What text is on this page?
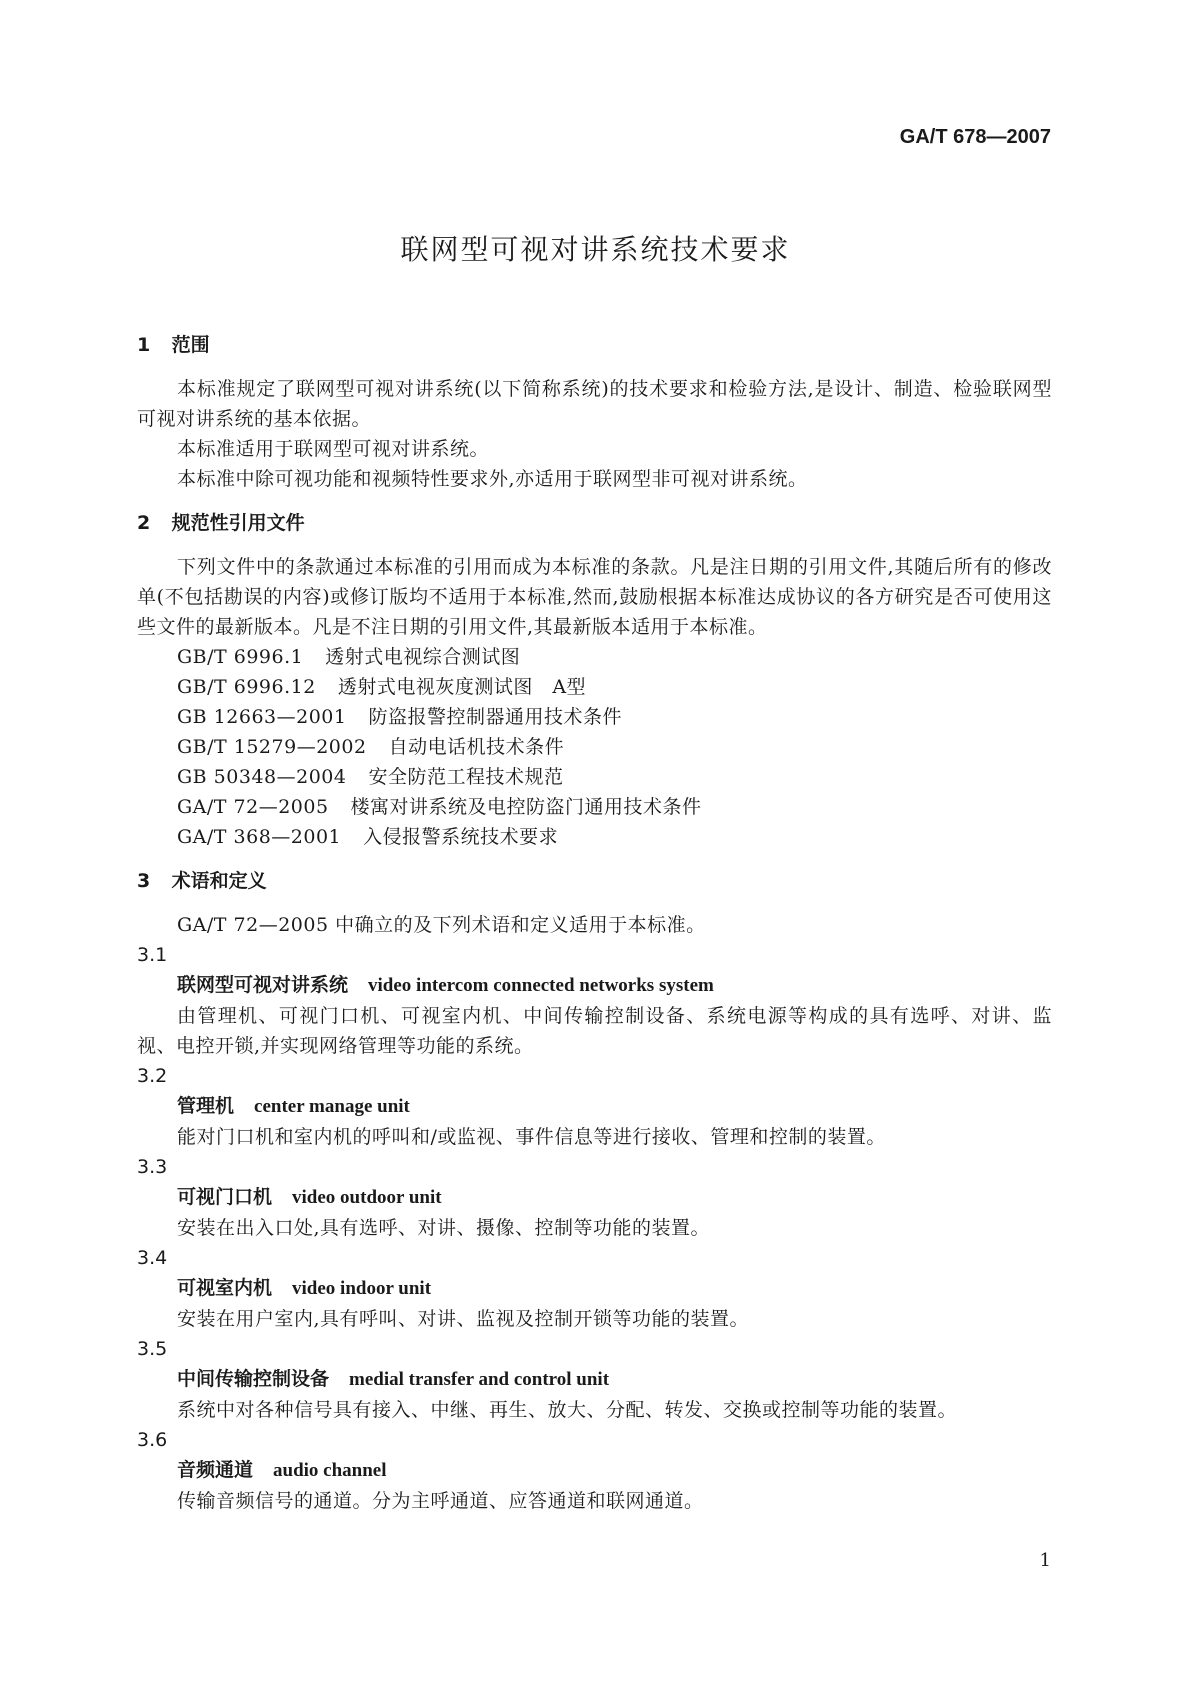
GA/T 678—2007
联网型可视对讲系统技术要求

1 范围

本标准规定了联网型可视对讲系统(以下简称系统)的技术要求和检验方法,是设计、制造、检验联网型可视对讲系统的基本依据。

本标准适用于联网型可视对讲系统。

本标准中除可视功能和视频特性要求外,亦适用于联网型非可视对讲系统。

2 规范性引用文件

下列文件中的条款通过本标准的引用而成为本标准的条款。凡是注日期的引用文件,其随后所有的修改单(不包括勘误的内容)或修订版均不适用于本标准,然而,鼓励根据本标准达成协议的各方研究是否可使用这些文件的最新版本。凡是不注日期的引用文件,其最新版本适用于本标准。

GB/T 6996.1 透射式电视综合测试图

GB/T 6996.12 透射式电视灰度测试图　A型

GB 12663—2001 防盗报警控制器通用技术条件

GB/T 15279—2002 自动电话机技术条件

GB 50348—2004 安全防范工程技术规范

GA/T 72—2005 楼寓对讲系统及电控防盗门通用技术条件

GA/T 368—2001 入侵报警系统技术要求

3 术语和定义

GA/T 72—2005 中确立的及下列术语和定义适用于本标准。

3.1

联网型可视对讲系统 video intercom connected networks system

由管理机、可视门口机、可视室内机、中间传输控制设备、系统电源等构成的具有选呼、对讲、监视、电控开锁,并实现网络管理等功能的系统。

3.2

管理机 center manage unit

能对门口机和室内机的呼叫和/或监视、事件信息等进行接收、管理和控制的装置。

3.3

可视门口机 video outdoor unit

安装在出入口处,具有选呼、对讲、摄像、控制等功能的装置。

3.4

可视室内机 video indoor unit

安装在用户室内,具有呼叫、对讲、监视及控制开锁等功能的装置。

3.5

中间传输控制设备 medial transfer and control unit

系统中对各种信号具有接入、中继、再生、放大、分配、转发、交换或控制等功能的装置。

3.6

音频通道 audio channel

传输音频信号的通道。分为主呼通道、应答通道和联网通道。

1
